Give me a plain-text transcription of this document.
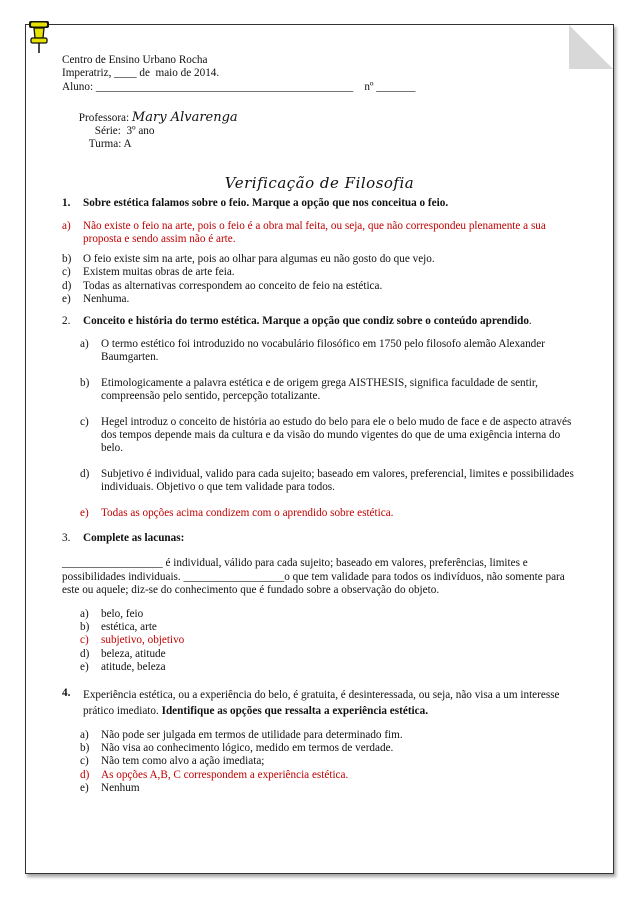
Centro de Ensino Urbano Rocha
Imperatriz, ____ de  maio de 2014.
Aluno: ______________________________________________    nº _______

Professora: Mary Alvarenga
Série:  3º ano
Turma: A

Verificação de Filosofia
1.	Sobre estética falamos sobre o feio. Marque a opção que nos conceitua o feio.
a)	Não existe o feio na arte, pois o feio é a obra mal feita, ou seja, que não correspondeu plenamente a sua proposta e sendo assim não é arte.
b)	O feio existe sim na arte, pois ao olhar para algumas eu não gosto do que vejo.
c)	Existem muitas obras de arte feia.
d)	Todas as alternativas correspondem ao conceito de feio na estética.
e)	Nenhuma.
2.	Conceito e história do termo estética. Marque a opção que condiz sobre o conteúdo aprendido.
a)	O termo estético foi introduzido no vocabulário filosófico em 1750 pelo filosofo alemão Alexander Baumgarten.
b)	Etimologicamente a palavra estética e de origem grega AISTHESIS, significa faculdade de sentir, compreensão pelo sentido, percepção totalizante.
c)	Hegel introduz o conceito de história ao estudo do belo para ele o belo mudo de face e de aspecto através dos tempos depende mais da cultura e da visão do mundo vigentes do que de uma exigência interna do belo.
d)	Subjetivo é individual, valido para cada sujeito; baseado em valores, preferencial, limites e possibilidades individuais. Objetivo o que tem validade para todos.
e)	Todas as opções acima condizem com o aprendido sobre estética.
3.	Complete as lacunas:
__________________ é individual, válido para cada sujeito; baseado em valores, preferências, limites e possibilidades individuais. __________________o que tem validade para todos os indivíduos, não somente para este ou aquele; diz-se do conhecimento que é fundado sobre a observação do objeto.
a)	belo, feio
b)	estética, arte
c)	subjetivo, objetivo
d)	beleza, atitude
e)	atitude, beleza
4.	Experiência estética, ou a experiência do belo, é gratuita, é desinteressada, ou seja, não visa a um interesse prático imediato. Identifique as opções que ressalta a experiência estética.
a)	Não pode ser julgada em termos de utilidade para determinado fim.
b)	Não visa ao conhecimento lógico, medido em termos de verdade.
c)	Não tem como alvo a ação imediata;
d)	As opções A,B, C correspondem a experiência estética.
e)	Nenhum
